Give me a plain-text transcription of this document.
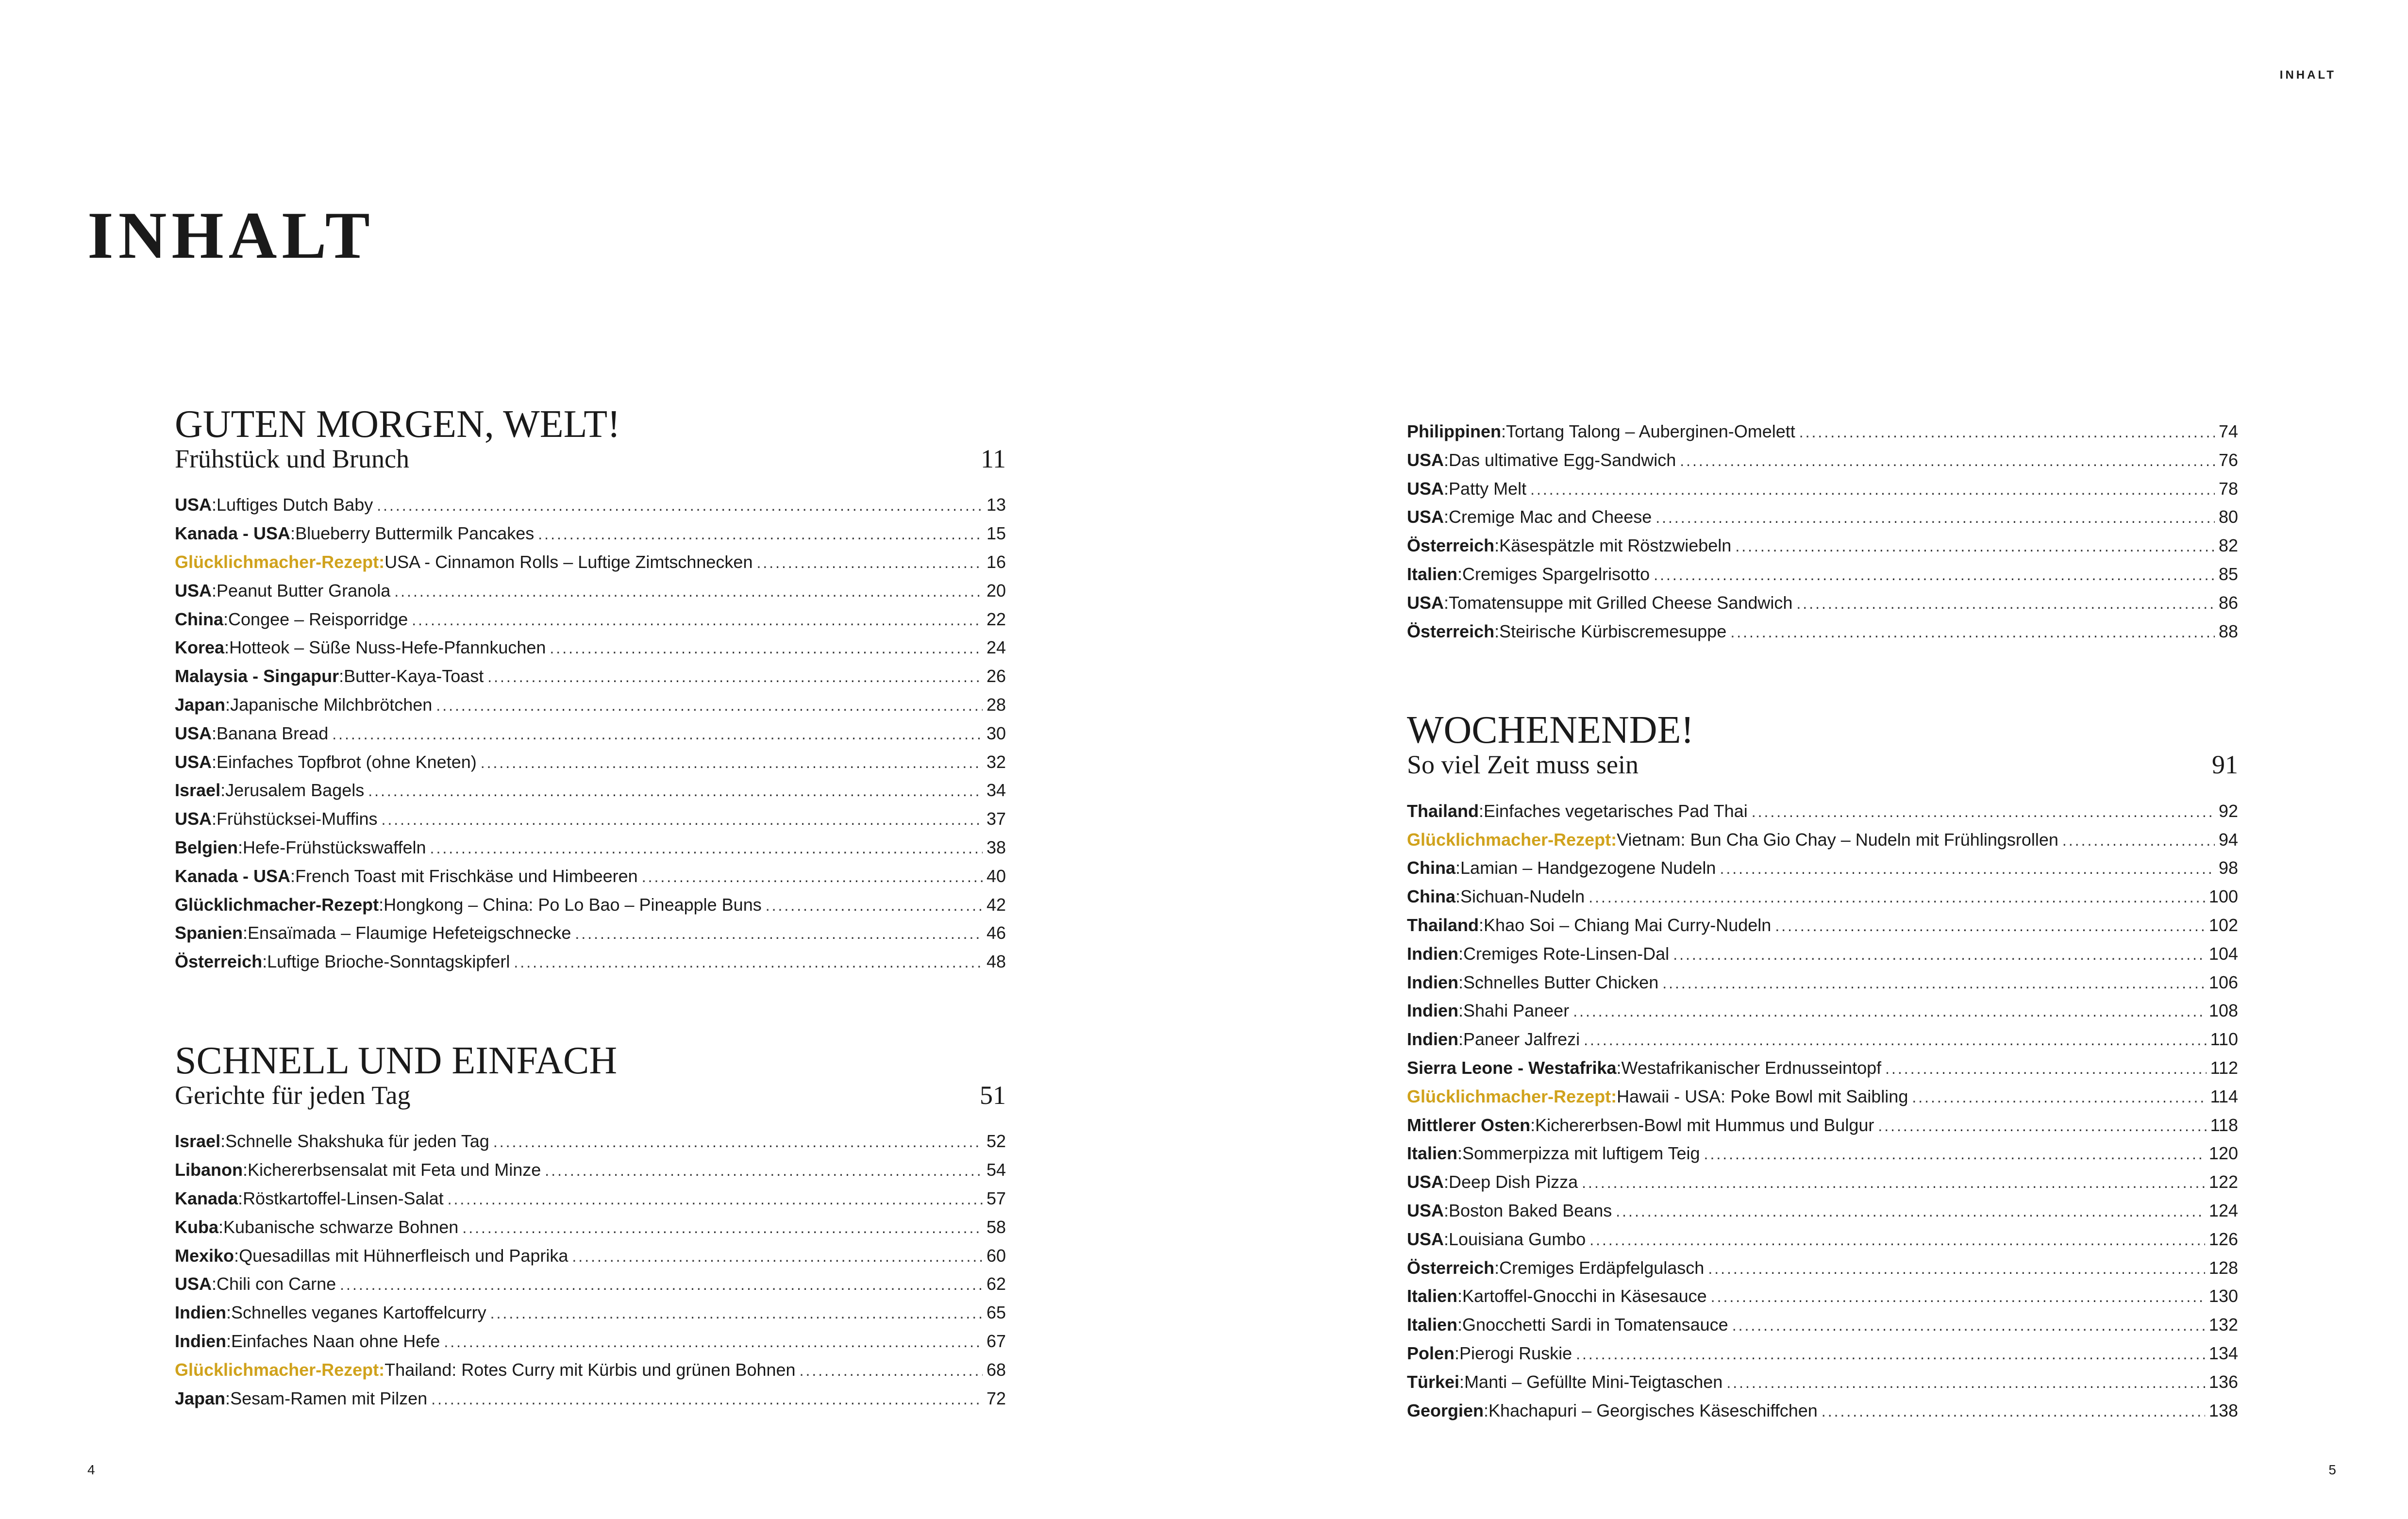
INHALT
INHALT
GUTEN MORGEN, WELT!
Frühstück und Brunch	11
USA : Luftiges Dutch Baby .....	13
Kanada - USA : Blueberry Buttermilk Pancakes .....	15
Glücklichmacher-Rezept: USA - Cinnamon Rolls – Luftige Zimtschnecken .....	16
USA : Peanut Butter Granola .....	20
China : Congee – Reisporridge .....	22
Korea : Hotteok – Süße Nuss-Hefe-Pfannkuchen .....	24
Malaysia - Singapur : Butter-Kaya-Toast .....	26
Japan : Japanische Milchbrötchen .....	28
USA : Banana Bread .....	30
USA : Einfaches Topfbrot (ohne Kneten) .....	32
Israel : Jerusalem Bagels .....	34
USA : Frühstücksei-Muffins .....	37
Belgien : Hefe-Frühstückswaffeln .....	38
Kanada - USA : French Toast mit Frischkäse und Himbeeren .....	40
Glücklichmacher-Rezept : Hongkong – China: Po Lo Bao – Pineapple Buns .....	42
Spanien : Ensaïmada – Flaumige Hefeteigschnecke .....	46
Österreich : Luftige Brioche-Sonntagskipferl .....	48
SCHNELL UND EINFACH
Gerichte für jeden Tag	51
Israel : Schnelle Shakshuka für jeden Tag .....	52
Libanon : Kichererbsensalat mit Feta und Minze .....	54
Kanada : Röstkartoffel-Linsen-Salat .....	57
Kuba : Kubanische schwarze Bohnen .....	58
Mexiko : Quesadillas mit Hühnerfleisch und Paprika .....	60
USA : Chili con Carne .....	62
Indien : Schnelles veganes Kartoffelcurry .....	65
Indien : Einfaches Naan ohne Hefe .....	67
Glücklichmacher-Rezept: Thailand: Rotes Curry mit Kürbis und grünen Bohnen .....	68
Japan : Sesam-Ramen mit Pilzen .....	72
Philippinen : Tortang Talong – Auberginen-Omelett .....	74
USA : Das ultimative Egg-Sandwich .....	76
USA : Patty Melt .....	78
USA : Cremige Mac and Cheese .....	80
Österreich : Käsespätzle mit Röstzwiebeln .....	82
Italien : Cremiges Spargelrisotto .....	85
USA : Tomatensuppe mit Grilled Cheese Sandwich .....	86
Österreich : Steirische Kürbiscremesuppe .....	88
WOCHENENDE!
So viel Zeit muss sein	91
Thailand : Einfaches vegetarisches Pad Thai .....	92
Glücklichmacher-Rezept: Vietnam: Bun Cha Gio Chay – Nudeln mit Frühlingsrollen .....	94
China : Lamian – Handgezogene Nudeln .....	98
China : Sichuan-Nudeln .....	100
Thailand : Khao Soi – Chiang Mai Curry-Nudeln .....	102
Indien : Cremiges Rote-Linsen-Dal .....	104
Indien : Schnelles Butter Chicken .....	106
Indien : Shahi Paneer .....	108
Indien : Paneer Jalfrezi .....	110
Sierra Leone - Westafrika : Westafrikanischer Erdnusseintopf .....	112
Glücklichmacher-Rezept: Hawaii - USA: Poke Bowl mit Saibling .....	114
Mittlerer Osten : Kichererbsen-Bowl mit Hummus und Bulgur .....	118
Italien : Sommerpizza mit luftigem Teig .....	120
USA : Deep Dish Pizza .....	122
USA : Boston Baked Beans .....	124
USA : Louisiana Gumbo .....	126
Österreich : Cremiges Erdäpfelgulasch .....	128
Italien : Kartoffel-Gnocchi in Käsesauce .....	130
Italien : Gnocchetti Sardi in Tomatensauce .....	132
Polen : Pierogi Ruskie .....	134
Türkei : Manti – Gefüllte Mini-Teigtaschen .....	136
Georgien : Khachapuri – Georgisches Käseschiffchen .....	138
4	5
